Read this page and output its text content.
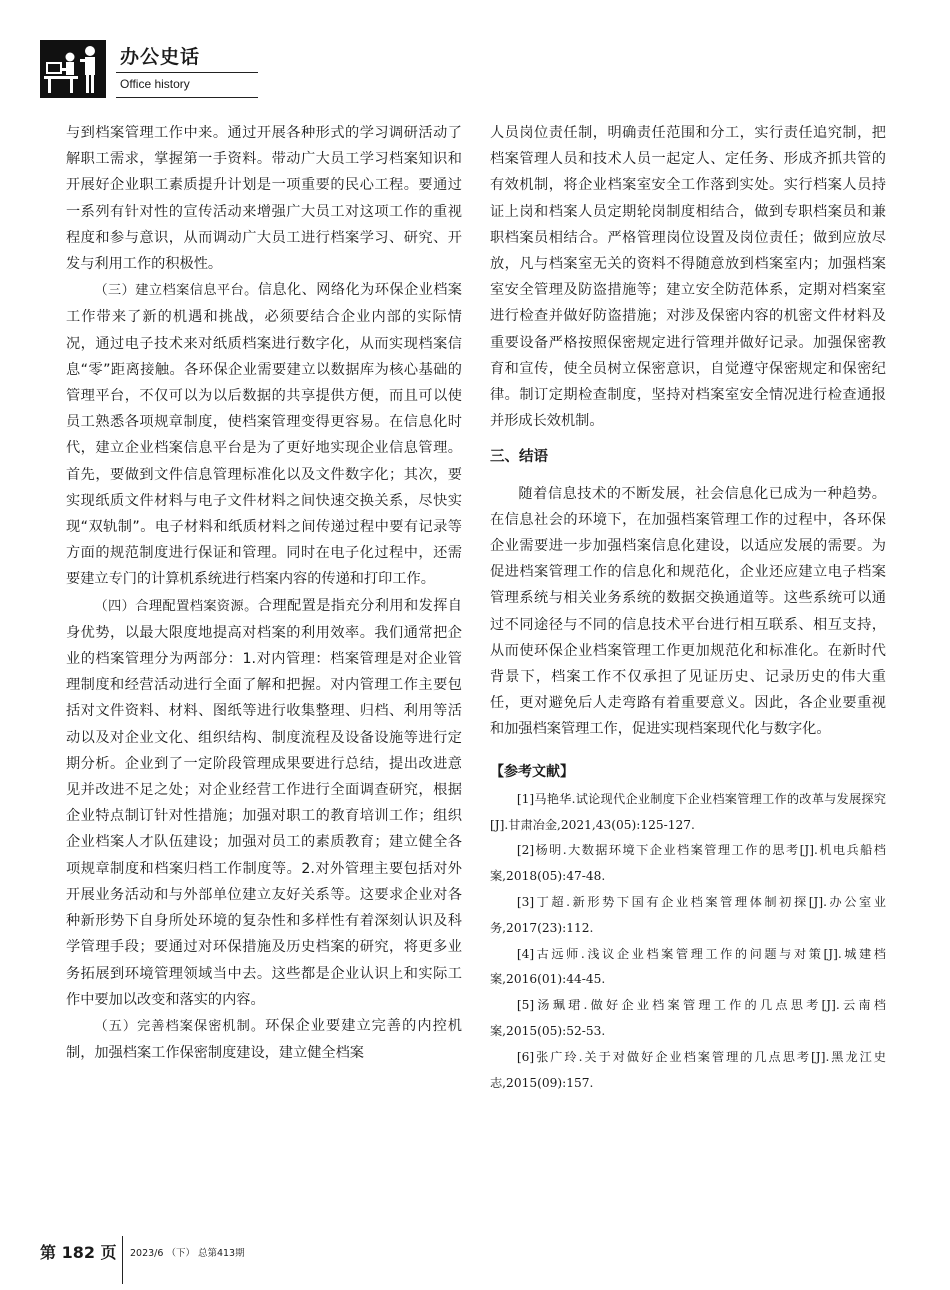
办公史话
Office history

与到档案管理工作中来。通过开展各种形式的学习调研活动了解职工需求，掌握第一手资料。带动广大员工学习档案知识和开展好企业职工素质提升计划是一项重要的民心工程。要通过一系列有针对性的宣传活动来增强广大员工对这项工作的重视程度和参与意识，从而调动广大员工进行档案学习、研究、开发与利用工作的积极性。

（三）建立档案信息平台。信息化、网络化为环保企业档案工作带来了新的机遇和挑战，必须要结合企业内部的实际情况，通过电子技术来对纸质档案进行数字化，从而实现档案信息“零”距离接触。各环保企业需要建立以数据库为核心基础的管理平台，不仅可以为以后数据的共享提供方便，而且可以使员工熟悉各项规章制度，使档案管理变得更容易。在信息化时代，建立企业档案信息平台是为了更好地实现企业信息管理。首先，要做到文件信息管理标准化以及文件数字化；其次，要实现纸质文件材料与电子文件材料之间快速交换关系，尽快实现“双轨制”。电子材料和纸质材料之间传递过程中要有记录等方面的规范制度进行保证和管理。同时在电子化过程中，还需要建立专门的计算机系统进行档案内容的传递和打印工作。

（四）合理配置档案资源。合理配置是指充分利用和发挥自身优势，以最大限度地提高对档案的利用效率。我们通常把企业的档案管理分为两部分：1.对内管理：档案管理是对企业管理制度和经营活动进行全面了解和把握。对内管理工作主要包括对文件资料、材料、图纸等进行收集整理、归档、利用等活动以及对企业文化、组织结构、制度流程及设备设施等进行定期分析。企业到了一定阶段管理成果要进行总结，提出改进意见并改进不足之处；对企业经营工作进行全面调查研究，根据企业特点制订针对性措施；加强对职工的教育培训工作；组织企业档案人才队伍建设；加强对员工的素质教育；建立健全各项规章制度和档案归档工作制度等。2.对外管理主要包括对外开展业务活动和与外部单位建立友好关系等。这要求企业对各种新形势下自身所处环境的复杂性和多样性有着深刻认识及科学管理手段；要通过对环保措施及历史档案的研究，将更多业务拓展到环境管理领域当中去。这些都是企业认识上和实际工作中要加以改变和落实的内容。

（五）完善档案保密机制。环保企业要建立完善的内控机制，加强档案工作保密制度建设，建立健全档案

人员岗位责任制，明确责任范围和分工，实行责任追究制，把档案管理人员和技术人员一起定人、定任务、形成齐抓共管的有效机制，将企业档案室安全工作落到实处。实行档案人员持证上岗和档案人员定期轮岗制度相结合，做到专职档案员和兼职档案员相结合。严格管理岗位设置及岗位责任；做到应放尽放，凡与档案室无关的资料不得随意放到档案室内；加强档案室安全管理及防盗措施等；建立安全防范体系，定期对档案室进行检查并做好防盗措施；对涉及保密内容的机密文件材料及重要设备严格按照保密规定进行管理并做好记录。加强保密教育和宣传，使全员树立保密意识，自觉遵守保密规定和保密纪律。制订定期检查制度，坚持对档案室安全情况进行检查通报并形成长效机制。

三、结语

随着信息技术的不断发展，社会信息化已成为一种趋势。在信息社会的环境下，在加强档案管理工作的过程中，各环保企业需要进一步加强档案信息化建设，以适应发展的需要。为促进档案管理工作的信息化和规范化，企业还应建立电子档案管理系统与相关业务系统的数据交换通道等。这些系统可以通过不同途径与不同的信息技术平台进行相互联系、相互支持，从而使环保企业档案管理工作更加规范化和标准化。在新时代背景下，档案工作不仅承担了见证历史、记录历史的伟大重任，更对避免后人走弯路有着重要意义。因此，各企业要重视和加强档案管理工作，促进实现档案现代化与数字化。

【参考文献】

[1]马艳华.试论现代企业制度下企业档案管理工作的改革与发展探究[J].甘肃冶金,2021,43(05):125-127.

[2]杨明.大数据环境下企业档案管理工作的思考[J].机电兵船档案,2018(05):47-48.

[3]丁超.新形势下国有企业档案管理体制初探[J].办公室业务,2017(23):112.

[4]古远师.浅议企业档案管理工作的问题与对策[J].城建档案,2016(01):44-45.

[5]汤珮珺.做好企业档案管理工作的几点思考[J].云南档案,2015(05):52-53.

[6]张广玲.关于对做好企业档案管理的几点思考[J].黑龙江史志,2015(09):157.

第 182 页 2023/6 （下） 总第413期
